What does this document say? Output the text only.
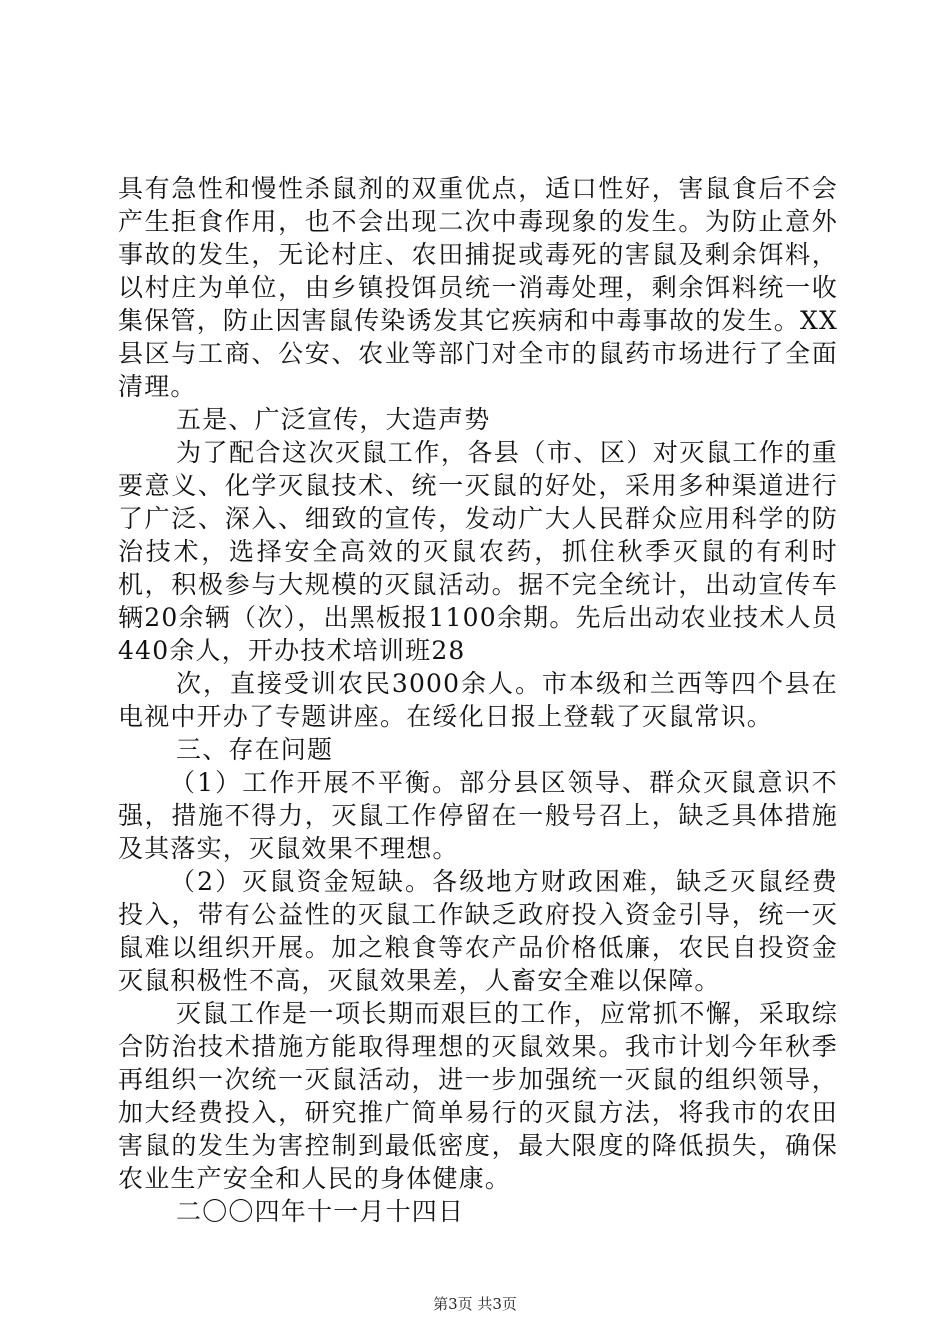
具有急性和慢性杀鼠剂的双重优点，适口性好，害鼠食后不会产生拒食作用，也不会出现二次中毒现象的发生。为防止意外事故的发生，无论村庄、农田捕捉或毒死的害鼠及剩余饵料，以村庄为单位，由乡镇投饵员统一消毒处理，剩余饵料统一收集保管，防止因害鼠传染诱发其它疾病和中毒事故的发生。XX县区与工商、公安、农业等部门对全市的鼠药市场进行了全面清理。

五是、广泛宣传，大造声势

为了配合这次灭鼠工作，各县（市、区）对灭鼠工作的重要意义、化学灭鼠技术、统一灭鼠的好处，采用多种渠道进行了广泛、深入、细致的宣传，发动广大人民群众应用科学的防治技术，选择安全高效的灭鼠农药，抓住秋季灭鼠的有利时机，积极参与大规模的灭鼠活动。据不完全统计，出动宣传车辆20余辆（次），出黑板报1100余期。先后出动农业技术人员440余人，开办技术培训班28

次，直接受训农民3000余人。市本级和兰西等四个县在电视中开办了专题讲座。在绥化日报上登载了灭鼠常识。

三、存在问题

（1）工作开展不平衡。部分县区领导、群众灭鼠意识不强，措施不得力，灭鼠工作停留在一般号召上，缺乏具体措施及其落实，灭鼠效果不理想。

（2）灭鼠资金短缺。各级地方财政困难，缺乏灭鼠经费投入，带有公益性的灭鼠工作缺乏政府投入资金引导，统一灭鼠难以组织开展。加之粮食等农产品价格低廉，农民自投资金灭鼠积极性不高，灭鼠效果差，人畜安全难以保障。

灭鼠工作是一项长期而艰巨的工作，应常抓不懈，采取综合防治技术措施方能取得理想的灭鼠效果。我市计划今年秋季再组织一次统一灭鼠活动，进一步加强统一灭鼠的组织领导，加大经费投入，研究推广简单易行的灭鼠方法，将我市的农田害鼠的发生为害控制到最低密度，最大限度的降低损失，确保农业生产安全和人民的身体健康。

二〇〇四年十一月十四日

第3页 共3页
